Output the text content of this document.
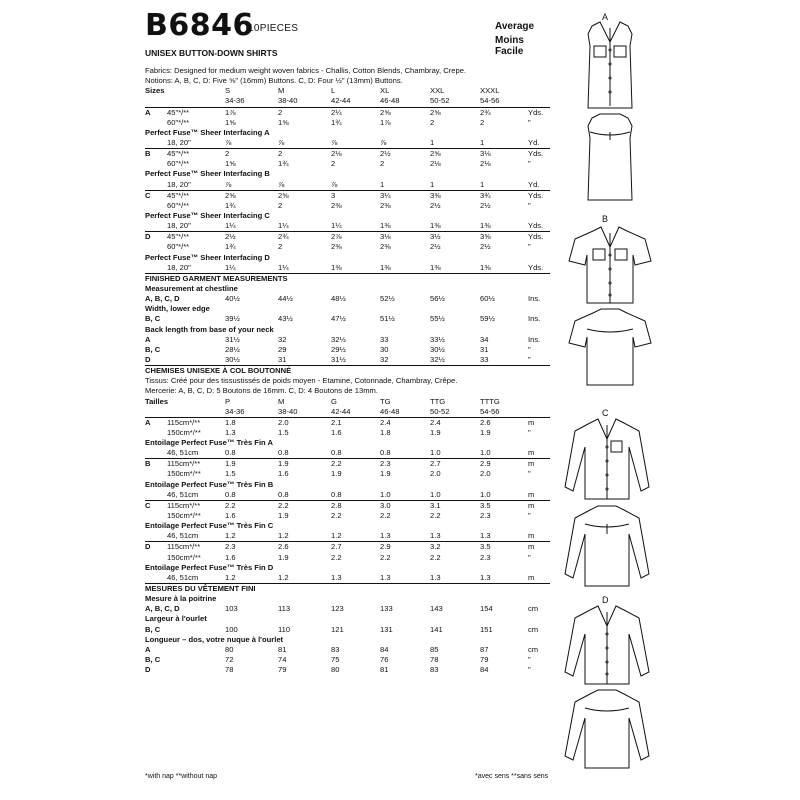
B6846
10PIECES	Average
Moins Facile
UNISEX BUTTON-DOWN SHIRTS
Fabrics: Designed for medium weight woven fabrics - Challis, Cotton Blends, Chambray, Crepe.
Notions: A, B, C, D: Five ⅝" (16mm) Buttons. C, D: Four ½" (13mm) Buttons.
Sizes	S	M	L	XL	XXL	XXXL
34-36	38-40	42-44	46-48	50-52	54-56
A 45"*/**	1⅞	2	2¼	2⅝	2⅝	2¾	Yds.
60"*/**	1⅝	1⅝	1¾	1⅞	2	2	"
Perfect Fuse™ Sheer Interfacing A
18, 20"	⅞	⅞	⅞	⅞	1	1	Yd.
B 45"*/**	2	2	2⅛	2½	2⅝	3⅛	Yds.
60"*/**	1⅝	1¾	2	2	2⅛	2⅛	"
Perfect Fuse™ Sheer Interfacing B
18, 20"	⅞	⅞	⅞	1	1	1	Yd.
C 45"*/**	2⅝	2⅝	3	3¼	3⅜	3¾	Yds.
60"*/**	1¾	2	2⅜	2⅜	2½	2½	"
Perfect Fuse™ Sheer Interfacing C
18, 20"	1¼	1¼	1¼	1⅜	1⅜	1⅜	Yds.
D 45"*/**	2½	2¾	2⅞	3⅛	3½	3⅝	Yds.
60"*/**	1¾	2	2⅜	2⅜	2½	2½	"
Perfect Fuse™ Sheer Interfacing D
18, 20"	1¼	1¼	1⅜	1⅜	1⅜	1⅜	Yds.
FINISHED GARMENT MEASUREMENTS
Measurement at chestline
A, B, C, D	40½	44½	48½	52½	56½	60½	Ins.
Width, lower edge
B, C	39½	43½	47½	51½	55½	59½	Ins.
Back length from base of your neck
A	31½	32	32½	33	33½	34	Ins.
B, C	28½	29	29½	30	30½	31	"
D	30½	31	31½	32	32½	33	"
CHEMISES UNISEXE À COL BOUTONNÉ
Tissus: Créé pour des tissustissés de poids moyen - Etamine, Cotonnade, Chambray, Crêpe.
Mercerie: A, B, C, D: 5 Boutons de 16mm. C, D: 4 Boutons de 13mm.
Tailles	P	M	G	TG	TTG	TTTG
34-36	38-40	42-44	46-48	50-52	54-56
A 115cm*/**	1.8	2.0	2.1	2.4	2.4	2.6	m
150cm*/**	1.3	1.5	1.6	1.8	1.9	1.9	"
Entoilage Perfect Fuse™ Très Fin A
46, 51cm	0.8	0.8	0.8	0.8	1.0	1.0	m
B 115cm*/**	1.9	1.9	2.2	2.3	2.7	2.9	m
150cm*/**	1.5	1.6	1.9	1.9	2.0	2.0	"
Entoilage Perfect Fuse™ Très Fin B
46, 51cm	0.8	0.8	0.8	1.0	1.0	1.0	m
C 115cm*/**	2.2	2.2	2.8	3.0	3.1	3.5	m
150cm*/**	1.6	1.9	2.2	2.2	2.2	2.3	"
Entoilage Perfect Fuse™ Très Fin C
46, 51cm	1.2	1.2	1.2	1.3	1.3	1.3	m
D 115cm*/**	2.3	2.6	2.7	2.9	3.2	3.5	m
150cm*/**	1.6	1.9	2.2	2.2	2.2	2.3	"
Entoilage Perfect Fuse™ Très Fin D
46, 51cm	1.2	1.2	1.3	1.3	1.3	1.3	m
MESURES DU VÊTEMENT FINI
Mesure à la poitrine
A, B, C, D	103	113	123	133	143	154	cm
Largeur à l'ourlet
B, C	100	110	121	131	141	151	cm
Longueur – dos, votre nuque à l'ourlet
A	80	81	83	84	85	87	cm
B, C	72	74	75	76	78	79	"
D	78	79	80	81	83	84	"
*with nap **without nap	*avec sens **sans sens
A
B
C
D
